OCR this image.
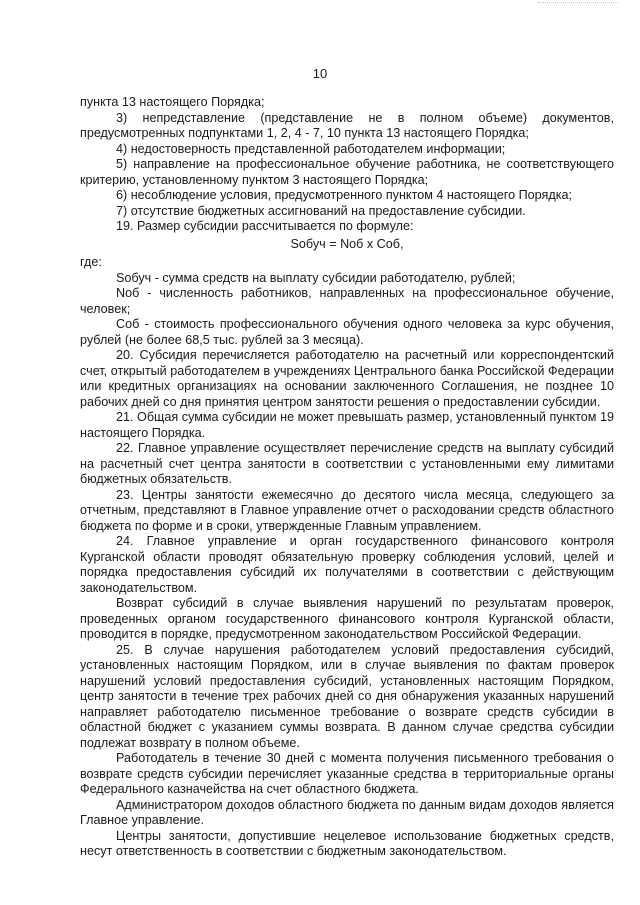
10

пункта 13 настоящего Порядка;

3) непредставление (представление не в полном объеме) документов, предусмотренных подпунктами 1, 2, 4 - 7, 10 пункта 13 настоящего Порядка;

4) недостоверность представленной работодателем информации;

5) направление на профессиональное обучение работника, не соответствующего критерию, установленному пунктом 3 настоящего Порядка;

6) несоблюдение условия, предусмотренного пунктом 4 настоящего Порядка;

7) отсутствие бюджетных ассигнований на предоставление субсидии.

19. Размер субсидии рассчитывается по формуле:

Sобуч = Nоб х Cоб,

где:

Sобуч - сумма средств на выплату субсидии работодателю, рублей;

Nоб - численность работников, направленных на профессиональное обучение, человек;

Cоб - стоимость профессионального обучения одного человека за курс обучения, рублей (не более 68,5 тыс. рублей за 3 месяца).

20. Субсидия перечисляется работодателю на расчетный или корреспондентский счет, открытый работодателем в учреждениях Центрального банка Российской Федерации или кредитных организациях на основании заключенного Соглашения, не позднее 10 рабочих дней со дня принятия центром занятости решения о предоставлении субсидии.

21. Общая сумма субсидии не может превышать размер, установленный пунктом 19 настоящего Порядка.

22. Главное управление осуществляет перечисление средств на выплату субсидий на расчетный счет центра занятости в соответствии с установленными ему лимитами бюджетных обязательств.

23. Центры занятости ежемесячно до десятого числа месяца, следующего за отчетным, представляют в Главное управление отчет о расходовании средств областного бюджета по форме и в сроки, утвержденные Главным управлением.

24. Главное управление и орган государственного финансового контроля Курганской области проводят обязательную проверку соблюдения условий, целей и порядка предоставления субсидий их получателями в соответствии с действующим законодательством.

Возврат субсидий в случае выявления нарушений по результатам проверок, проведенных органом государственного финансового контроля Курганской области, проводится в порядке, предусмотренном законодательством Российской Федерации.

25. В случае нарушения работодателем условий предоставления субсидий, установленных настоящим Порядком, или в случае выявления по фактам проверок нарушений условий предоставления субсидий, установленных настоящим Порядком, центр занятости в течение трех рабочих дней со дня обнаружения указанных нарушений направляет работодателю письменное требование о возврате средств субсидии в областной бюджет с указанием суммы возврата. В данном случае средства субсидии подлежат возврату в полном объеме.

Работодатель в течение 30 дней с момента получения письменного требования о возврате средств субсидии перечисляет указанные средства в территориальные органы Федерального казначейства на счет областного бюджета.

Администратором доходов областного бюджета по данным видам доходов является Главное управление.

Центры занятости, допустившие нецелевое использование бюджетных средств, несут ответственность в соответствии с бюджетным законодательством.
